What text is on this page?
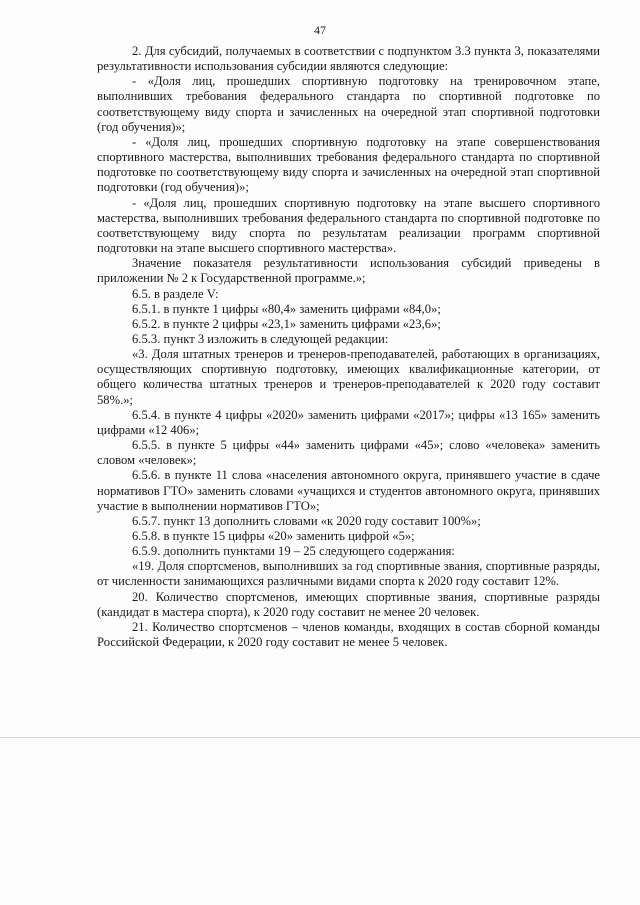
47

2. Для субсидий, получаемых в соответствии с подпунктом 3.3 пункта 3, показателями результативности использования субсидии являются следующие:

- «Доля лиц, прошедших спортивную подготовку на тренировочном этапе, выполнивших требования федерального стандарта по спортивной подготовке по соответствующему виду спорта и зачисленных на очередной этап спортивной подготовки (год обучения)»;

- «Доля лиц, прошедших спортивную подготовку на этапе совершенствования спортивного мастерства, выполнивших требования федерального стандарта по спортивной подготовке по соответствующему виду спорта и зачисленных на очередной этап спортивной подготовки (год обучения)»;

- «Доля лиц, прошедших спортивную подготовку на этапе высшего спортивного мастерства, выполнивших требования федерального стандарта по спортивной подготовке по соответствующему виду спорта по результатам реализации программ спортивной подготовки на этапе высшего спортивного мастерства».

Значение показателя результативности использования субсидий приведены в приложении № 2 к Государственной программе.»;

6.5. в разделе V:

6.5.1. в пункте 1 цифры «80,4» заменить цифрами «84,0»;

6.5.2. в пункте 2 цифры «23,1» заменить цифрами «23,6»;

6.5.3. пункт 3 изложить в следующей редакции:

«3. Доля штатных тренеров и тренеров-преподавателей, работающих в организациях, осуществляющих спортивную подготовку, имеющих квалификационные категории, от общего количества штатных тренеров и тренеров-преподавателей к 2020 году составит 58%.»;

6.5.4. в пункте 4 цифры «2020» заменить цифрами «2017»; цифры «13 165» заменить цифрами «12 406»;

6.5.5. в пункте 5 цифры «44» заменить цифрами «45»; слово «человека» заменить словом «человек»;

6.5.6. в пункте 11 слова «населения автономного округа, принявшего участие в сдаче нормативов ГТО» заменить словами «учащихся и студентов автономного округа, принявших участие в выполнении нормативов ГТО»;

6.5.7. пункт 13 дополнить словами «к 2020 году составит 100%»;

6.5.8. в пункте 15 цифры «20» заменить цифрой «5»;

6.5.9. дополнить пунктами 19 – 25 следующего содержания:

«19. Доля спортсменов, выполнивших за год спортивные звания, спортивные разряды, от численности занимающихся различными видами спорта к 2020 году составит 12%.

20. Количество спортсменов, имеющих спортивные звания, спортивные разряды (кандидат в мастера спорта), к 2020 году составит не менее 20 человек.

21. Количество спортсменов – членов команды, входящих в состав сборной команды Российской Федерации, к 2020 году составит не менее 5 человек.
